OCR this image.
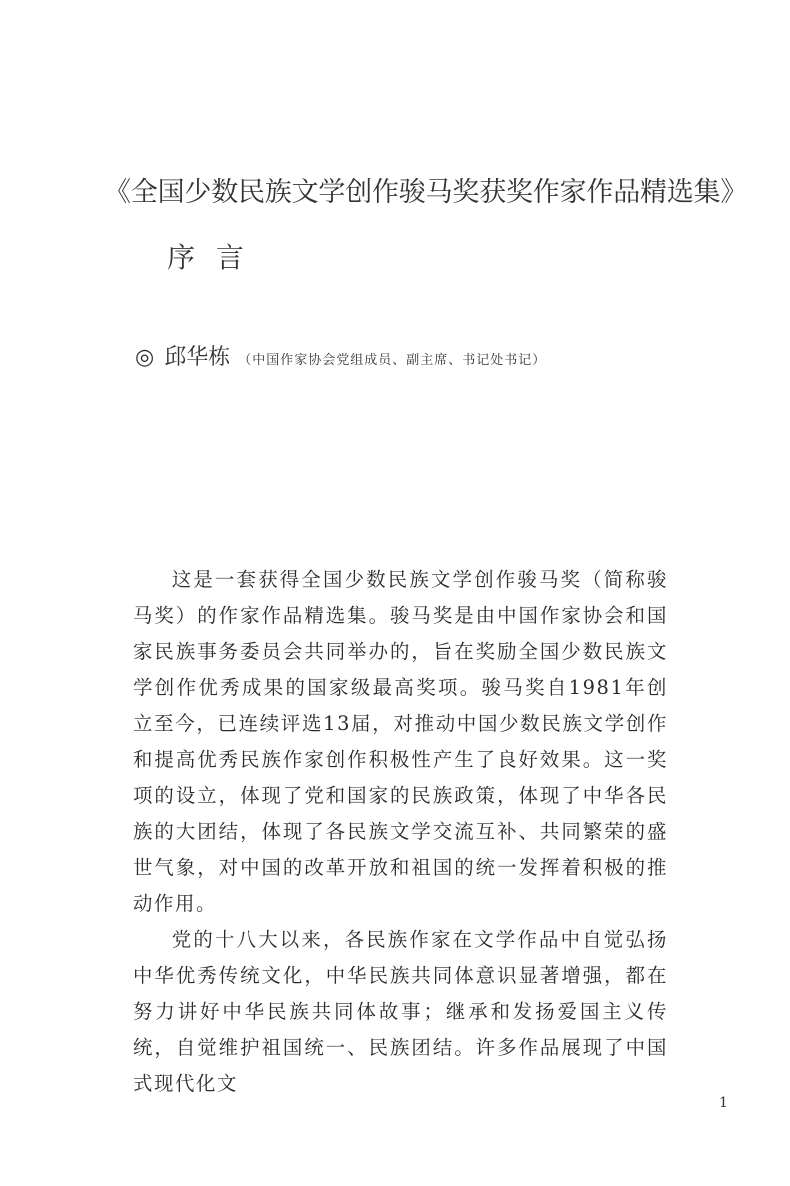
《全国少数民族文学创作骏马奖获奖作家作品精选集》
序 言
◎ 邱华栋 （中国作家协会党组成员、副主席、书记处书记）

这是一套获得全国少数民族文学创作骏马奖（简称骏马奖）的作家作品精选集。骏马奖是由中国作家协会和国家民族事务委员会共同举办的，旨在奖励全国少数民族文学创作优秀成果的国家级最高奖项。骏马奖自1981年创立至今，已连续评选13届，对推动中国少数民族文学创作和提高优秀民族作家创作积极性产生了良好效果。这一奖项的设立，体现了党和国家的民族政策，体现了中华各民族的大团结，体现了各民族文学交流互补、共同繁荣的盛世气象，对中国的改革开放和祖国的统一发挥着积极的推动作用。

党的十八大以来，各民族作家在文学作品中自觉弘扬中华优秀传统文化，中华民族共同体意识显著增强，都在努力讲好中华民族共同体故事；继承和发扬爱国主义传统，自觉维护祖国统一、民族团结。许多作品展现了中国式现代化文

1
